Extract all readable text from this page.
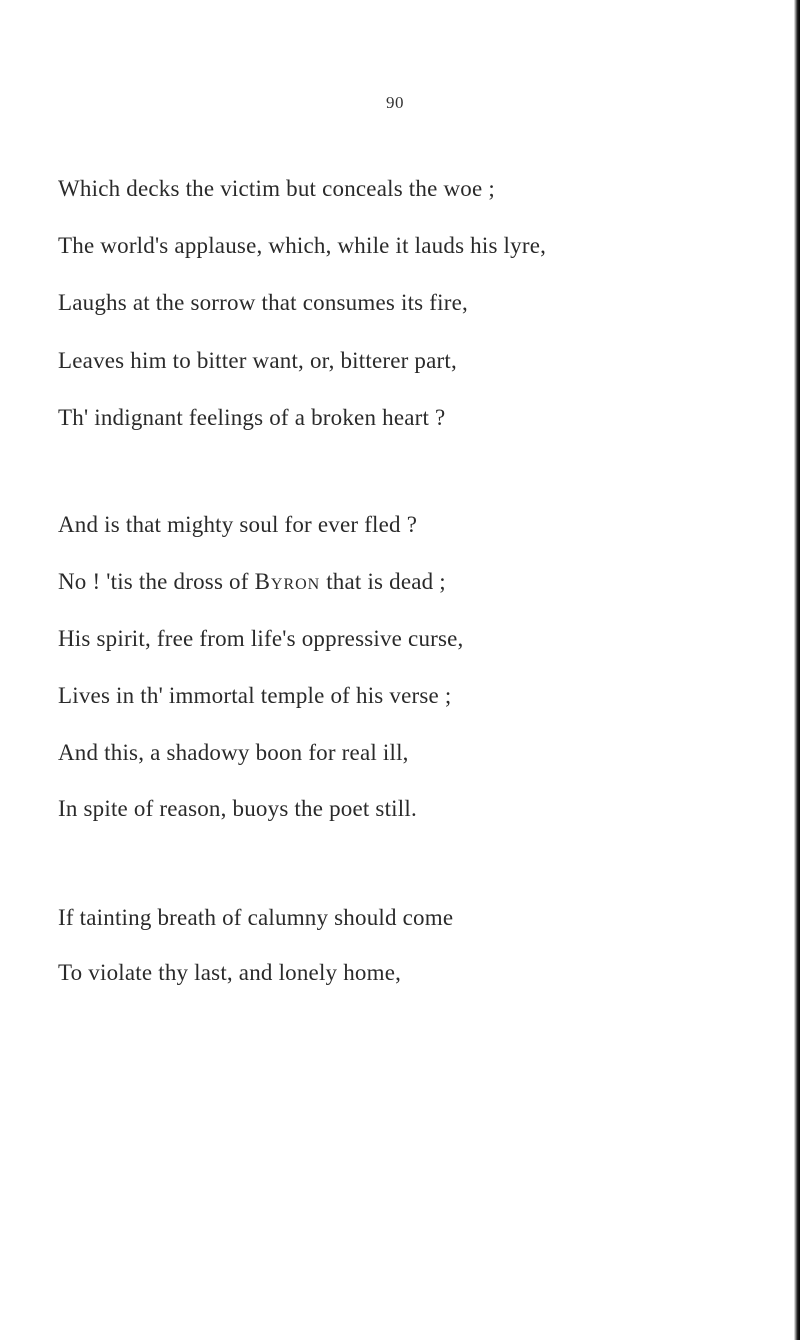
90
Which decks the victim but conceals the woe ;
The world's applause, which, while it lauds his lyre,
Laughs at the sorrow that consumes its fire,
Leaves him to bitter want, or, bitterer part,
Th' indignant feelings of a broken heart ?
And is that mighty soul for ever fled ?
No ! 'tis the dross of Byron that is dead ;
His spirit, free from life's oppressive curse,
Lives in th' immortal temple of his verse ;
And this, a shadowy boon for real ill,
In spite of reason, buoys the poet still.
If tainting breath of calumny should come
To violate thy last, and lonely home,
